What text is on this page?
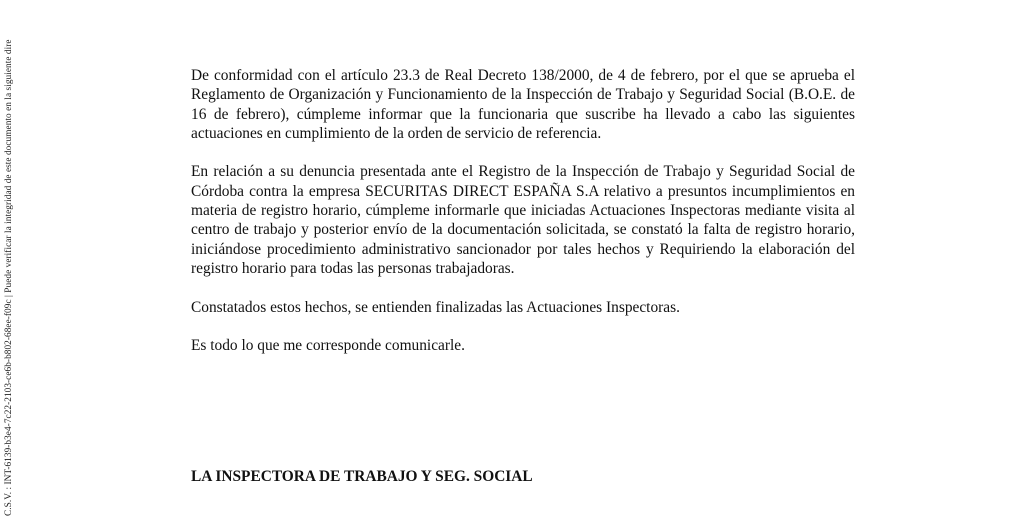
C.S.V. : INT-6139-b3e4-7c22-2103-ce6b-b802-68ee-f09c | Puede verificar la integridad de este documento en la siguiente dire	De conformidad con el artículo 23.3 de Real Decreto 138/2000, de 4 de febrero, por el que se aprueba el Reglamento de Organización y Funcionamiento de la Inspección de Trabajo y Seguridad Social (B.O.E. de 16 de febrero), cúmpleme informar que la funcionaria que suscribe ha llevado a cabo las siguientes actuaciones en cumplimiento de la orden de servicio de referencia.

En relación a su denuncia presentada ante el Registro de la Inspección de Trabajo y Seguridad Social de Córdoba contra la empresa SECURITAS DIRECT ESPAÑA S.A relativo a presuntos incumplimientos en materia de registro horario, cúmpleme informarle que iniciadas Actuaciones Inspectoras mediante visita al centro de trabajo y posterior envío de la documentación solicitada, se constató la falta de registro horario, iniciándose procedimiento administrativo sancionador por tales hechos y Requiriendo la elaboración del registro horario para todas las personas trabajadoras.

Constatados estos hechos, se entienden finalizadas las Actuaciones Inspectoras.

Es todo lo que me corresponde comunicarle.

LA INSPECTORA DE TRABAJO Y SEG. SOCIAL
